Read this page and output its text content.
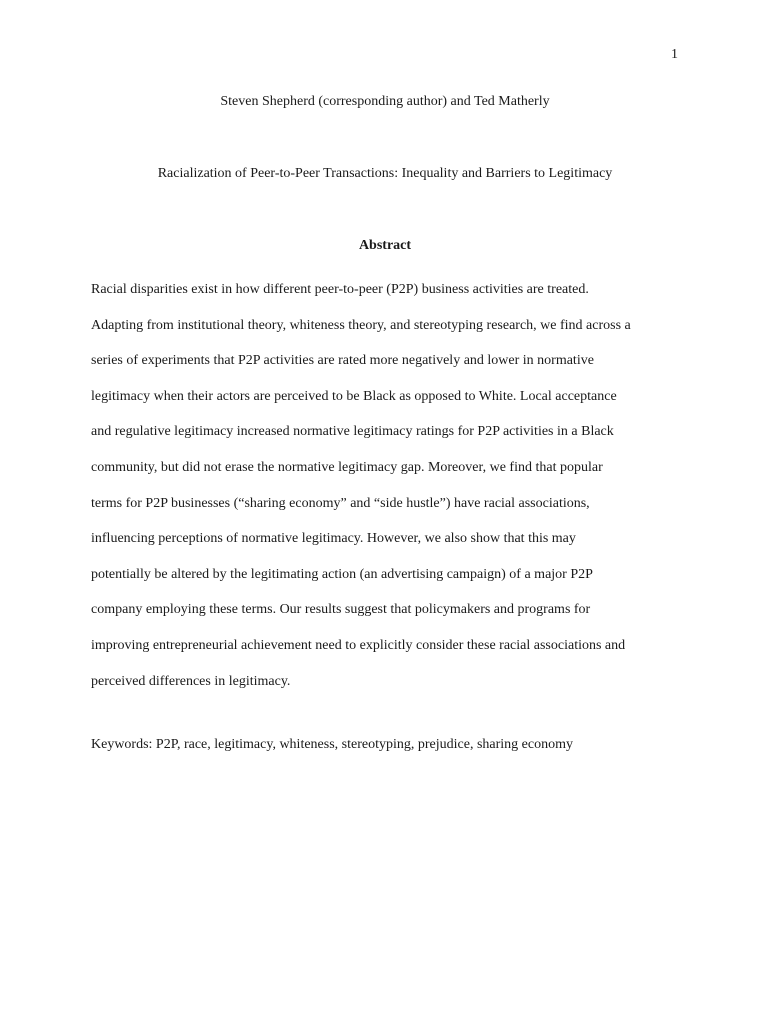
1
Steven Shepherd (corresponding author) and Ted Matherly
Racialization of Peer-to-Peer Transactions: Inequality and Barriers to Legitimacy
Abstract
Racial disparities exist in how different peer-to-peer (P2P) business activities are treated.
Adapting from institutional theory, whiteness theory, and stereotyping research, we find across a
series of experiments that P2P activities are rated more negatively and lower in normative
legitimacy when their actors are perceived to be Black as opposed to White. Local acceptance
and regulative legitimacy increased normative legitimacy ratings for P2P activities in a Black
community, but did not erase the normative legitimacy gap. Moreover, we find that popular
terms for P2P businesses (“sharing economy” and “side hustle”) have racial associations,
influencing perceptions of normative legitimacy. However, we also show that this may
potentially be altered by the legitimating action (an advertising campaign) of a major P2P
company employing these terms. Our results suggest that policymakers and programs for
improving entrepreneurial achievement need to explicitly consider these racial associations and
perceived differences in legitimacy.
Keywords: P2P, race, legitimacy, whiteness, stereotyping, prejudice, sharing economy
